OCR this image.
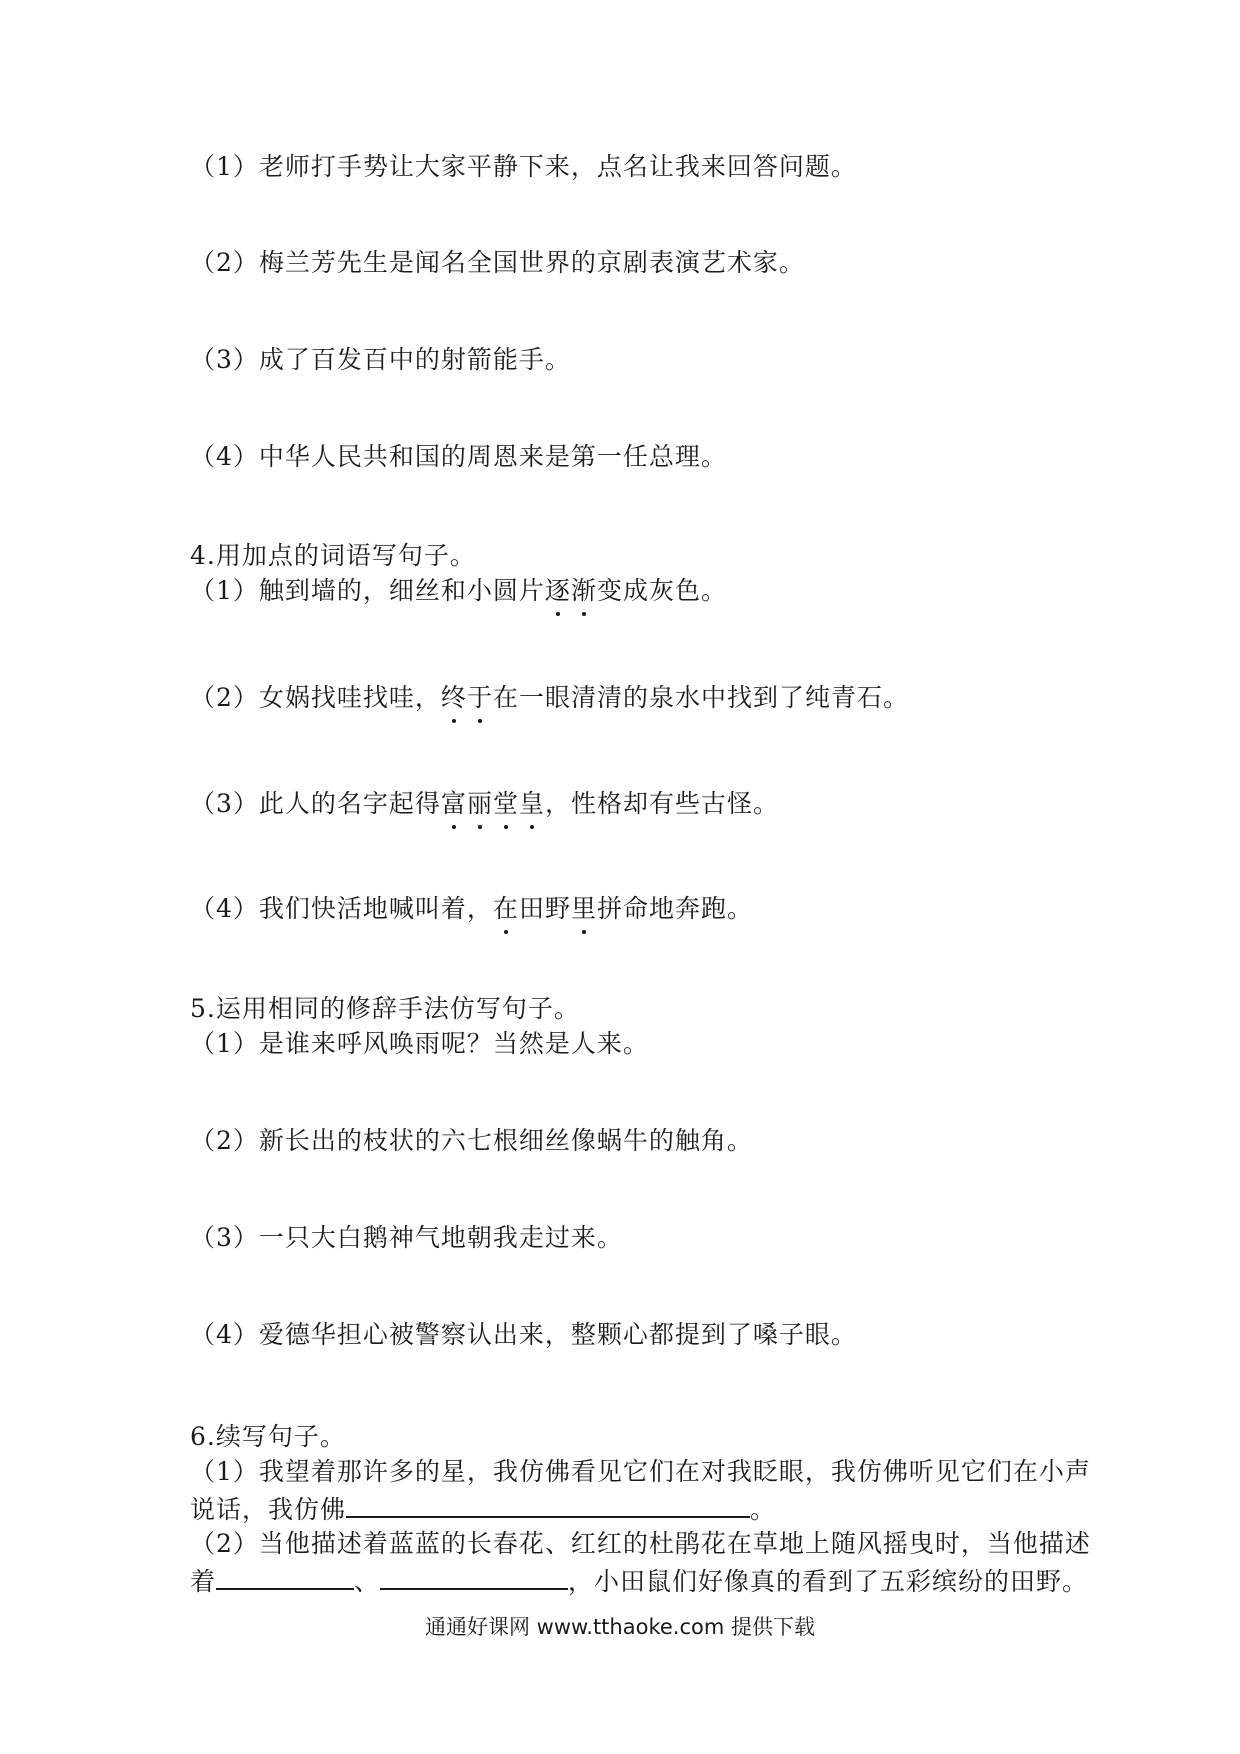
（1）老师打手势让大家平静下来，点名让我来回答问题。
（2）梅兰芳先生是闻名全国世界的京剧表演艺术家。
（3）成了百发百中的射箭能手。
（4）中华人民共和国的周恩来是第一任总理。
4.用加点的词语写句子。
（1）触到墙的，细丝和小圆片逐渐变成灰色。
（2）女娲找哇找哇，终于在一眼清清的泉水中找到了纯青石。
（3）此人的名字起得富丽堂皇，性格却有些古怪。
（4）我们快活地喊叫着，在田野里拼命地奔跑。
5.运用相同的修辞手法仿写句子。
（1）是谁来呼风唤雨呢？当然是人来。
（2）新长出的枝状的六七根细丝像蜗牛的触角。
（3）一只大白鹅神气地朝我走过来。
（4）爱德华担心被警察认出来，整颗心都提到了嗓子眼。
6.续写句子。
（1）我望着那许多的星，我仿佛看见它们在对我眨眼，我仿佛听见它们在小声
说话，我仿佛	。
（2）当他描述着蓝蓝的长春花、红红的杜鹃花在草地上随风摇曳时，当他描述
着	、	，小田鼠们好像真的看到了五彩缤纷的田野。
通通好课网 www.tthaoke.com 提供下载
